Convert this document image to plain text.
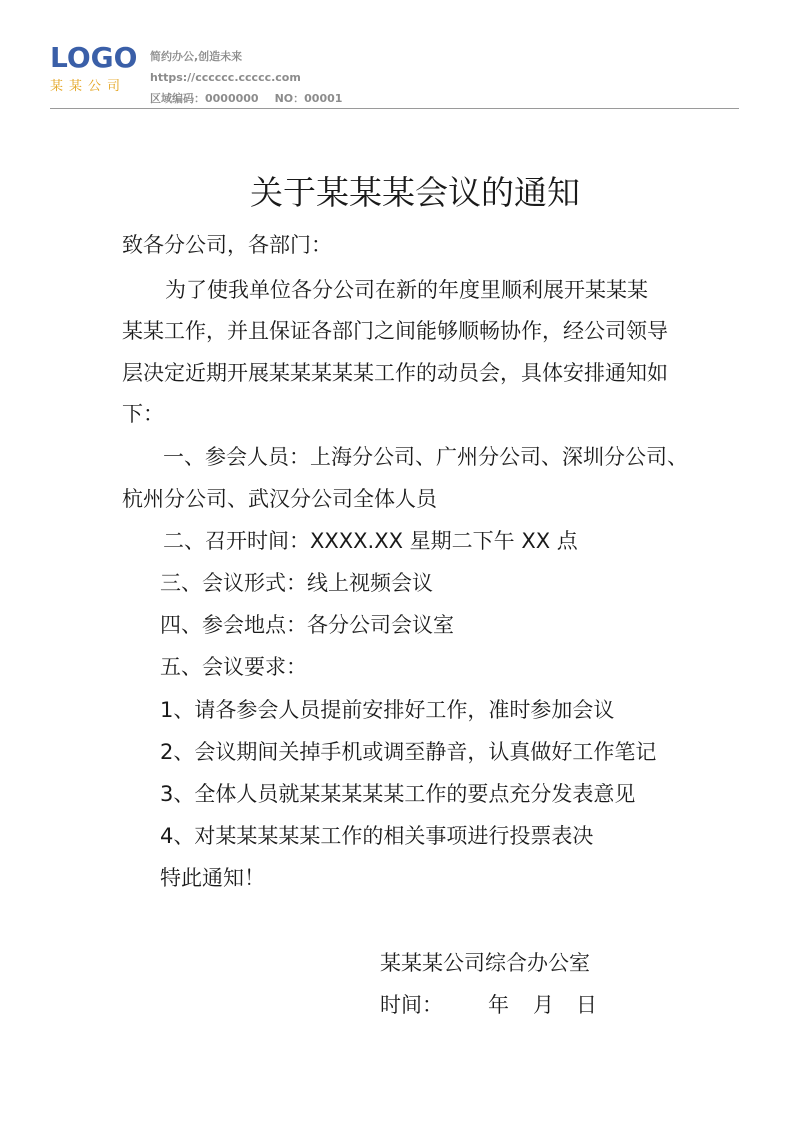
LOGO
某某公司
简约办公,创造未来
https://cccccc.ccccc.com
区域编码：0000000 NO：00001
关于某某某会议的通知
致各分公司，各部门：
为了使我单位各分公司在新的年度里顺利展开某某某
某某工作，并且保证各部门之间能够顺畅协作，经公司领导
层决定近期开展某某某某某工作的动员会，具体安排通知如
下：
一、参会人员：上海分公司、广州分公司、深圳分公司、
杭州分公司、武汉分公司全体人员
二、召开时间：XXXX.XX 星期二下午 XX 点
三、会议形式：线上视频会议
四、参会地点：各分公司会议室
五、会议要求：
1、请各参会人员提前安排好工作，准时参加会议
2、会议期间关掉手机或调至静音，认真做好工作笔记
3、全体人员就某某某某某工作的要点充分发表意见
4、对某某某某某工作的相关事项进行投票表决
特此通知！
某某某公司综合办公室
时间： 年 月 日
